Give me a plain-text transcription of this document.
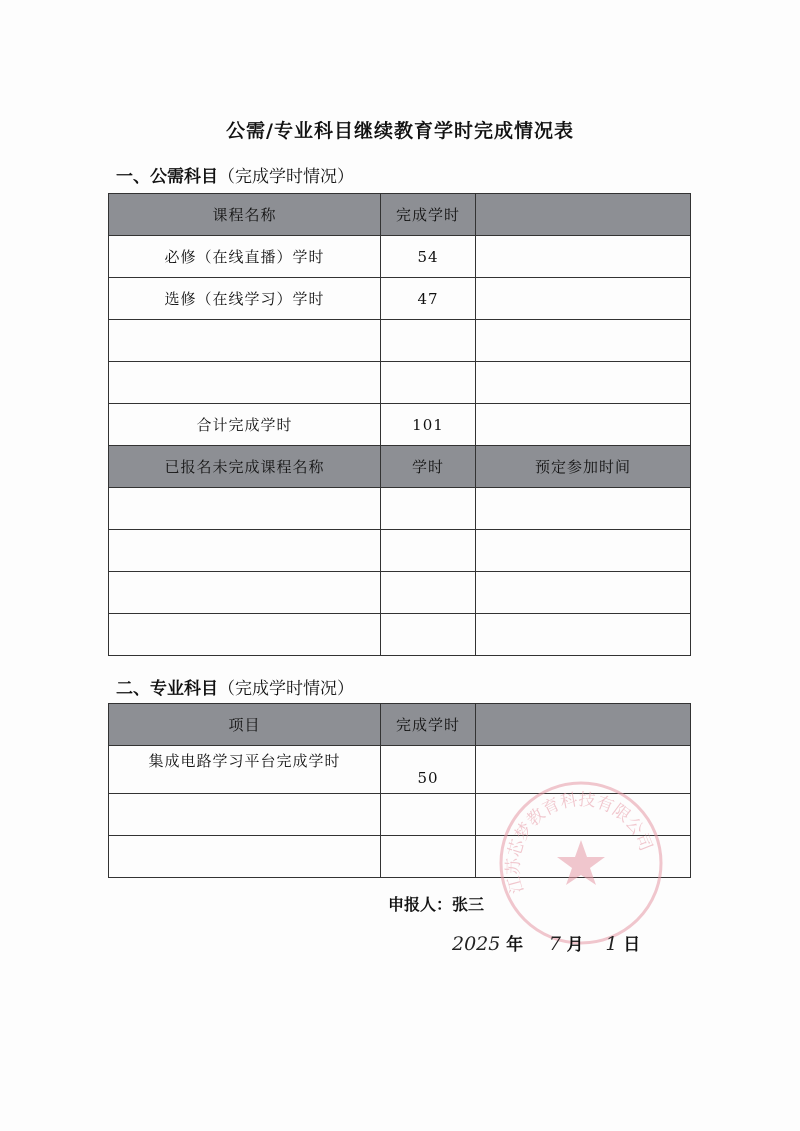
公需/专业科目继续教育学时完成情况表
一、公需科目（完成学时情况）
课程名称	完成学时	
必修（在线直播）学时	54	
选修（在线学习）学时	47	

合计完成学时	101	
已报名未完成课程名称	学时	预定参加时间

二、专业科目（完成学时情况）
项目	完成学时	
集成电路学习平台完成学时	50	

江苏芯梦教育科技有限公司
申报人：张三
2025 年 7 月 1 日
